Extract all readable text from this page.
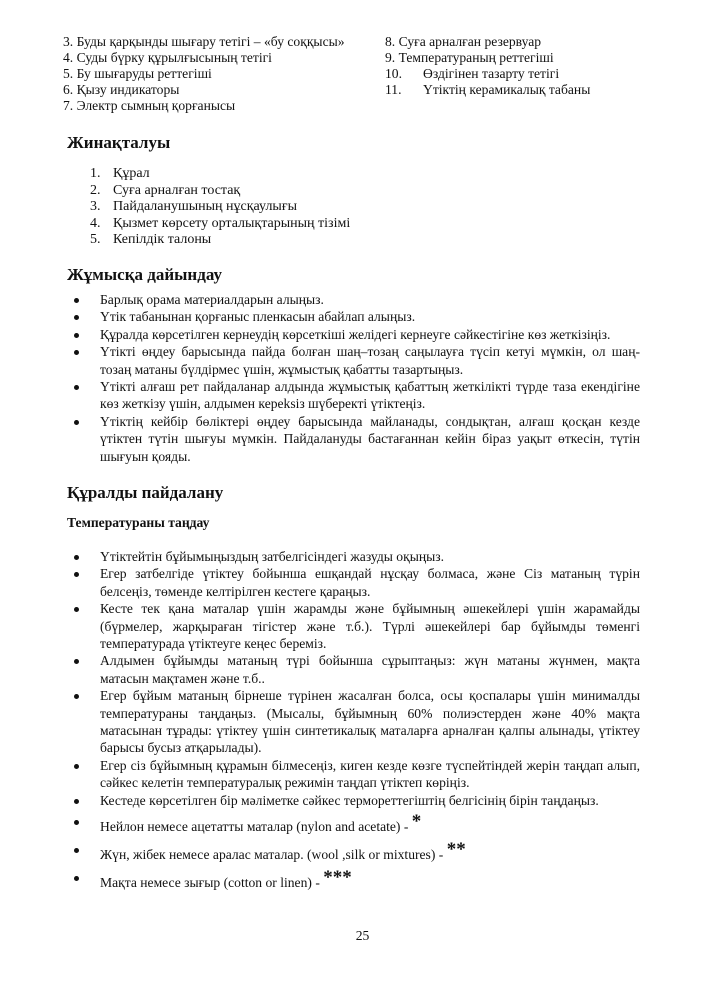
3. Буды қарқынды шығару тетігі – «бу соққысы»
4. Суды бүрку құрылғысының тетігі
5. Бу шығаруды реттегіші
6. Қызу индикаторы
7. Электр сымның қорғанысы
8. Суға арналған резервуар
9. Температураның реттегіші
10. Өздігінен тазарту тетігі
11. Үтіктің керамикалық табаны
Жинақталуы
1. Құрал
2. Суға арналған тостақ
3. Пайдаланушының нұсқаулығы
4. Қызмет көрсету орталықтарының тізімі
5. Кепілдік талоны
Жұмысқа дайындау
Барлық орама материалдарын алыңыз.
Үтік табанынан қорғаныс пленкасын абайлап алыңыз.
Құралда көрсетілген кернеудің көрсеткіші желідегі кернеуге сәйкестігіне көз жеткізіңіз.
Үтікті өңдеу барысында пайда болған шаң–тозаң саңылауға түсіп кетуі мүмкін, ол шаң-тозаң матаны бүлдірмес үшін, жұмыстық қабатты тазартыңыз.
Үтікті алғаш рет пайдаланар алдында жұмыстық қабаттың жеткілікті түрде таза екендігіне көз жеткізу үшін, алдымен кереksіз шүберекті үтіктеңіз.
Үтіктің кейбір бөліктері өңдеу барысында майланады, сондықтан, алғаш қосқан кезде үтіктен түтін шығуы мүмкін. Пайдалануды бастағаннан кейін біраз уақыт өткесін, түтін шығуын қояды.
Құралды пайдалану
Температураны таңдау
Үтіктейтін бұйымыңыздың затбелгісіндегі жазуды оқыңыз.
Егер затбелгіде үтіктеу бойынша ешқандай нұсқау болмаса, және Сіз матаның түрін белсеңіз, төменде келтірілген кестеге қараңыз.
Кесте тек қана маталар үшін жарамды және бұйымның әшекейлері үшін жарамайды (бүрмелер, жарқыраған тігістер және т.б.). Түрлі әшекейлері бар бұйымды төменгі температурада үтіктеуге кеңес береміз.
Алдымен бұйымды матаның түрі бойынша сұрыптаңыз: жүн матаны жүнмен, мақта матасын мақтамен және т.б..
Егер бұйым матаның бірнеше түрінен жасалған болса, осы қоспалары үшін минималды температураны таңдаңыз. (Мысалы, бұйымның 60% полиэстерден және 40% мақта матасынан тұрады: үтіктеу үшін синтетикалық маталарға арналған қалпы алынады, үтіктеу барысы бусыз атқарылады).
Егер сіз бұйымның құрамын білмесеңіз, киген кезде көзге түспейтіндей жерін таңдап алып, сәйкес келетін температуралық режимін таңдап үтіктеп көріңіз.
Кестеде көрсетілген бір мәліметке сәйкес термореттегіштің белгісінің бірін таңдаңыз.
Нейлон немесе ацетатты маталар (nylon and acetate) - *
Жүн, жібек немесе аралас маталар. (wool ,silk or mixtures) - **
Мақта немесе зығыр (cotton or linen) - ***
25
